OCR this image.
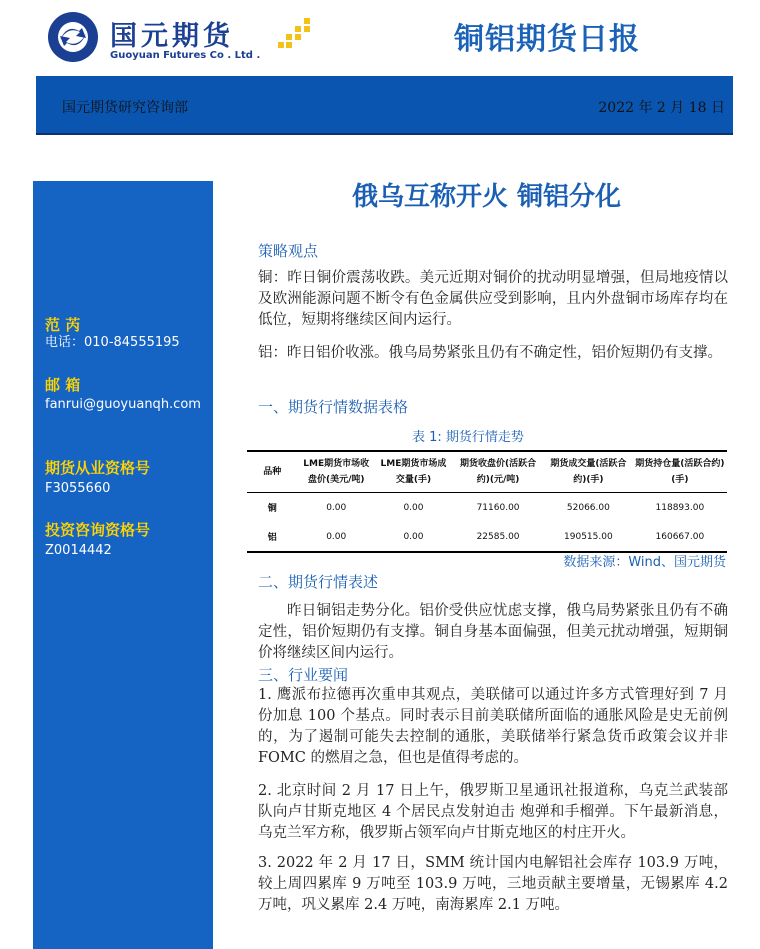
国元期货
Guoyuan Futures Co . Ltd .	铜铝期货日报
国元期货研究咨询部	2022 年 2 月 18 日
范 芮
电话：010-84555195
邮 箱
fanrui@guoyuanqh.com
期货从业资格号
F3055660
投资咨询资格号
Z0014442
俄乌互称开火 铜铝分化
策略观点
铜：昨日铜价震荡收跌。美元近期对铜价的扰动明显增强，但局地疫情以及欧洲能源问题不断令有色金属供应受到影响，且内外盘铜市场库存均在低位，短期将继续区间内运行。
铝：昨日铝价收涨。俄乌局势紧张且仍有不确定性，铝价短期仍有支撑。
一、期货行情数据表格
表 1: 期货行情走势
品种	LME期货市场收盘价(美元/吨)	LME期货市场成交量(手)	期货收盘价(活跃合约)(元/吨)	期货成交量(活跃合约)(手)	期货持仓量(活跃合约)(手)
铜	0.00	0.00	71160.00	52066.00	118893.00
铝	0.00	0.00	22585.00	190515.00	160667.00
数据来源：Wind、国元期货
二、期货行情表述
昨日铜铝走势分化。铝价受供应忧虑支撑，俄乌局势紧张且仍有不确定性，铝价短期仍有支撑。铜自身基本面偏强，但美元扰动增强，短期铜价将继续区间内运行。
三、行业要闻
1. 鹰派布拉德再次重申其观点，美联储可以通过许多方式管理好到 7 月份加息 100 个基点。同时表示目前美联储所面临的通胀风险是史无前例的，为了遏制可能失去控制的通胀，美联储举行紧急货币政策会议并非 FOMC 的燃眉之急，但也是值得考虑的。
2. 北京时间 2 月 17 日上午，俄罗斯卫星通讯社报道称，乌克兰武装部队向卢甘斯克地区 4 个居民点发射迫击 炮弹和手榴弹。下午最新消息，乌克兰军方称，俄罗斯占领军向卢甘斯克地区的村庄开火。
3. 2022 年 2 月 17 日，SMM 统计国内电解铝社会库存 103.9 万吨，较上周四累库 9 万吨至 103.9 万吨，三地贡献主要增量，无锡累库 4.2 万吨，巩义累库 2.4 万吨，南海累库 2.1 万吨。
